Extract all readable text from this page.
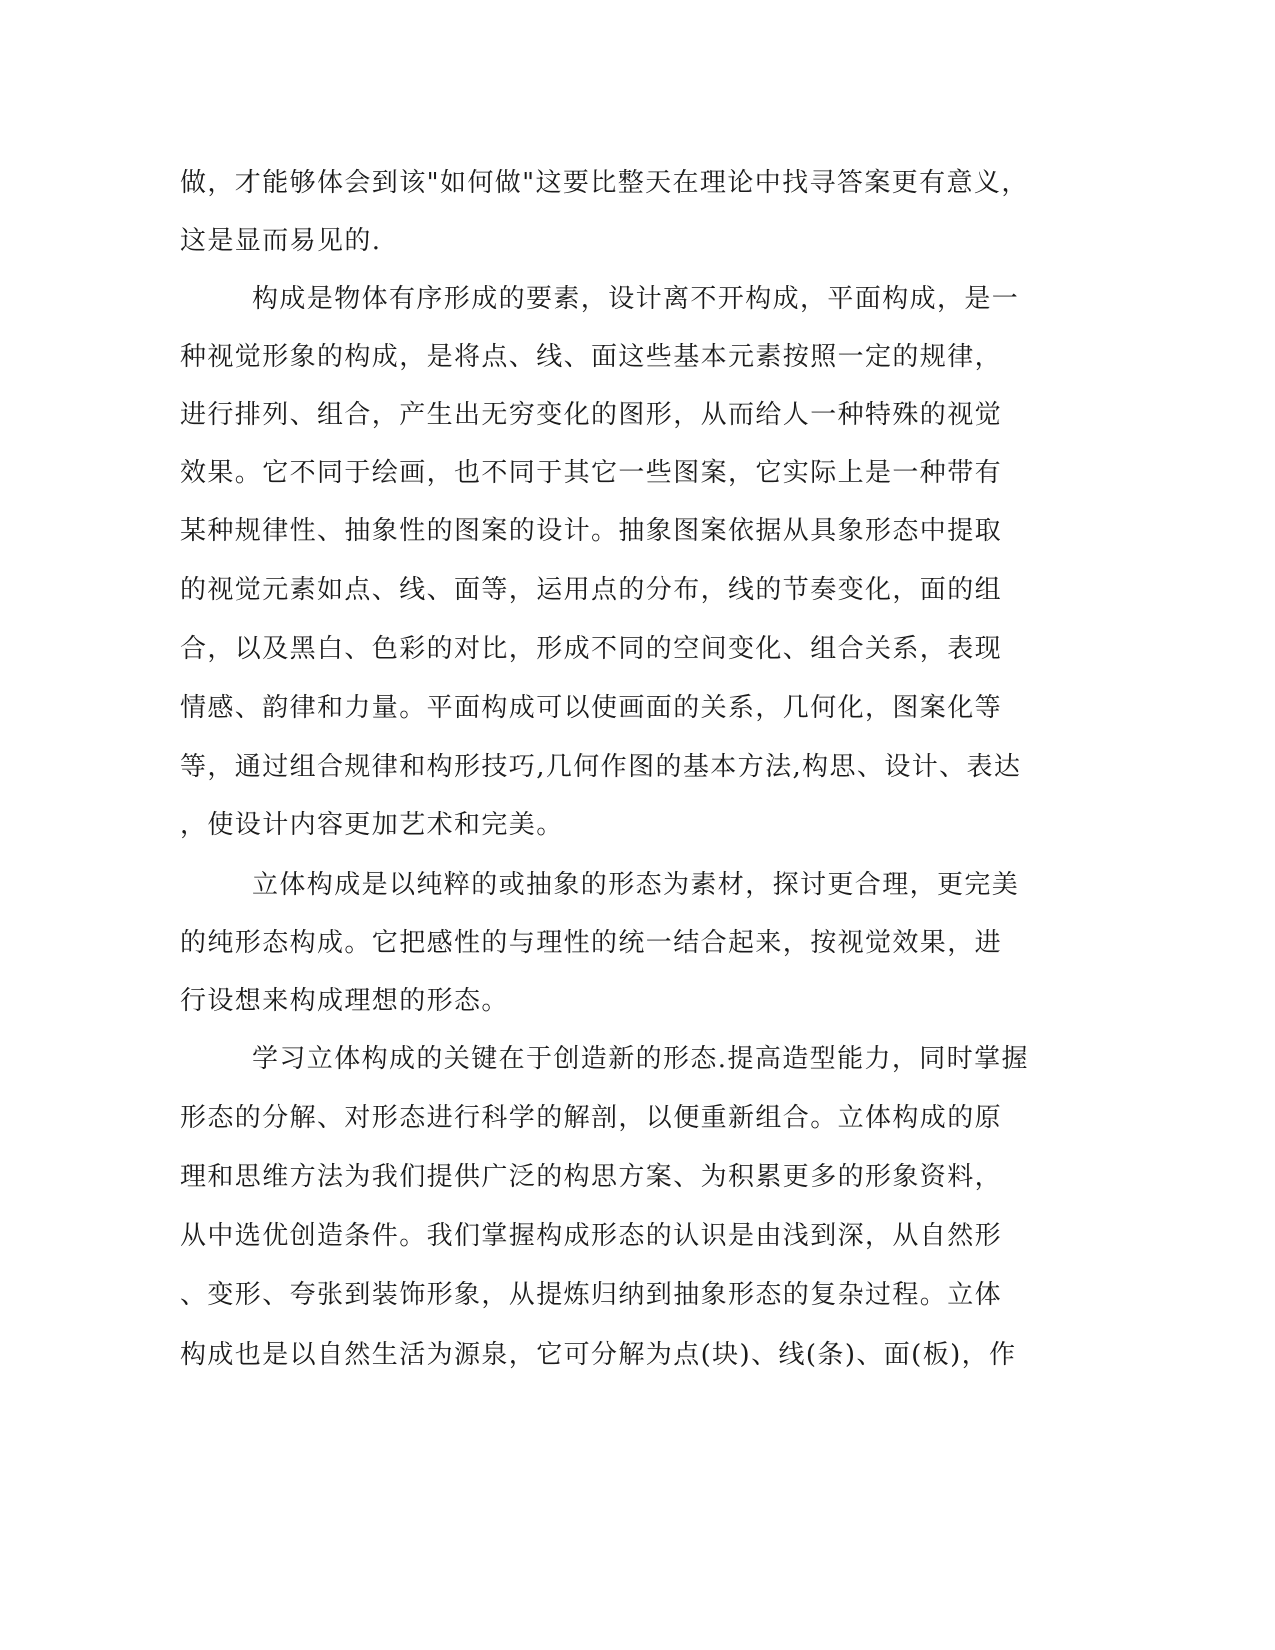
做，才能够体会到该"如何做"这要比整天在理论中找寻答案更有意义，
这是显而易见的.
构成是物体有序形成的要素，设计离不开构成，平面构成，是一
种视觉形象的构成，是将点、线、面这些基本元素按照一定的规律，
进行排列、组合，产生出无穷变化的图形，从而给人一种特殊的视觉
效果。它不同于绘画，也不同于其它一些图案，它实际上是一种带有
某种规律性、抽象性的图案的设计。抽象图案依据从具象形态中提取
的视觉元素如点、线、面等，运用点的分布，线的节奏变化，面的组
合，以及黑白、色彩的对比，形成不同的空间变化、组合关系，表现
情感、韵律和力量。平面构成可以使画面的关系，几何化，图案化等
等，通过组合规律和构形技巧,几何作图的基本方法,构思、设计、表达
，使设计内容更加艺术和完美。
立体构成是以纯粹的或抽象的形态为素材，探讨更合理，更完美
的纯形态构成。它把感性的与理性的统一结合起来，按视觉效果，进
行设想来构成理想的形态。
学习立体构成的关键在于创造新的形态.提高造型能力，同时掌握
形态的分解、对形态进行科学的解剖，以便重新组合。立体构成的原
理和思维方法为我们提供广泛的构思方案、为积累更多的形象资料，
从中选优创造条件。我们掌握构成形态的认识是由浅到深，从自然形
、变形、夸张到装饰形象，从提炼归纳到抽象形态的复杂过程。立体
构成也是以自然生活为源泉，它可分解为点(块)、线(条)、面(板)，作
